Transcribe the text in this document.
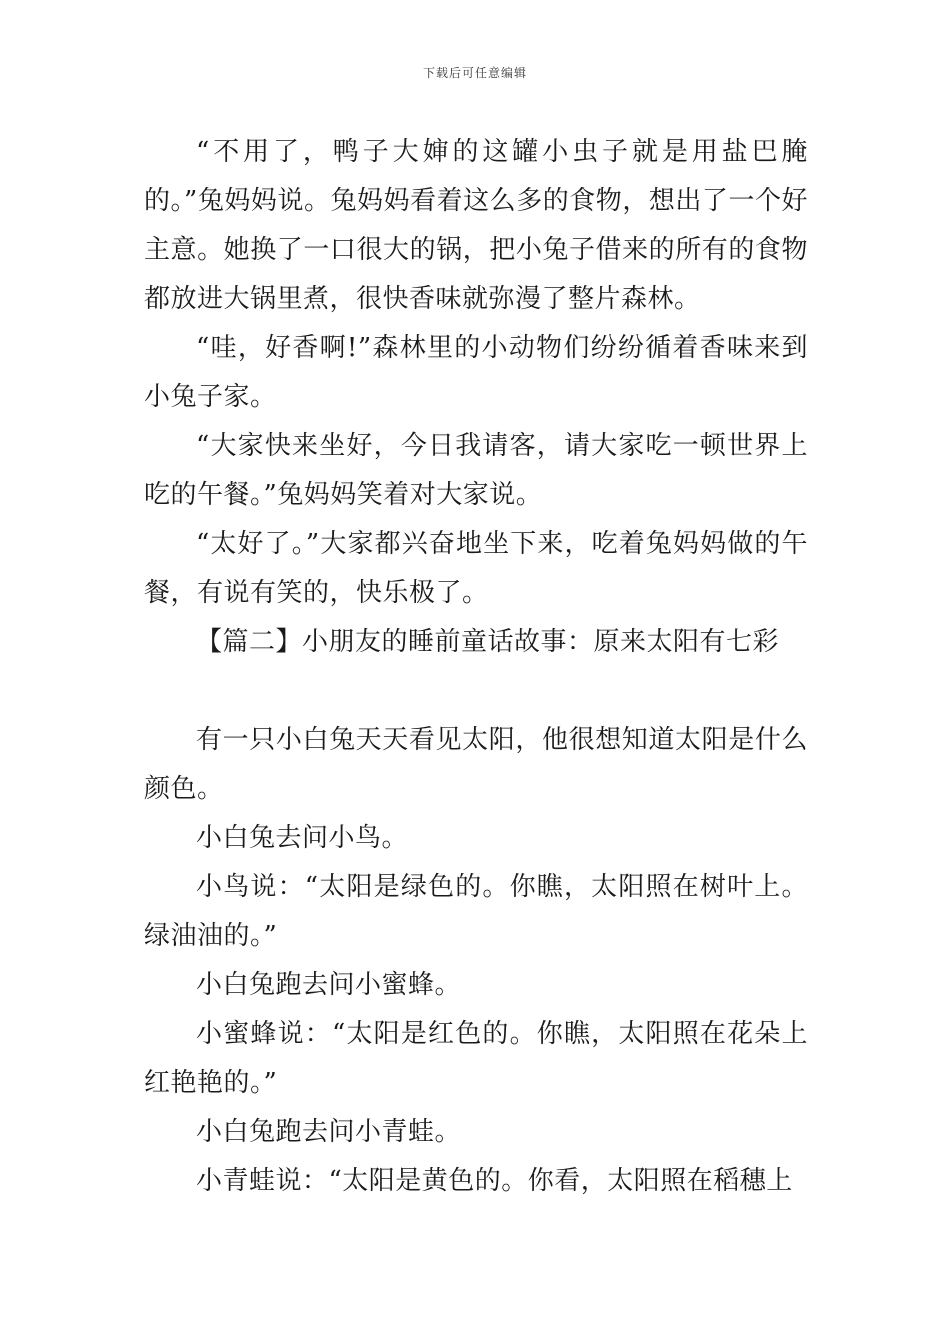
下载后可任意编辑

“不用了，鸭子大婶的这罐小虫子就是用盐巴腌的。”兔妈妈说。兔妈妈看着这么多的食物，想出了一个好主意。她换了一口很大的锅，把小兔子借来的所有的食物都放进大锅里煮，很快香味就弥漫了整片森林。

“哇，好香啊!”森林里的小动物们纷纷循着香味来到小兔子家。

“大家快来坐好，今日我请客，请大家吃一顿世界上吃的午餐。”兔妈妈笑着对大家说。

“太好了。”大家都兴奋地坐下来，吃着兔妈妈做的午餐，有说有笑的，快乐极了。

【篇二】小朋友的睡前童话故事：原来太阳有七彩

有一只小白兔天天看见太阳，他很想知道太阳是什么颜色。

小白兔去问小鸟。

小鸟说：“太阳是绿色的。你瞧，太阳照在树叶上。绿油油的。”

小白兔跑去问小蜜蜂。

小蜜蜂说：“太阳是红色的。你瞧，太阳照在花朵上红艳艳的。”

小白兔跑去问小青蛙。

小青蛙说：“太阳是黄色的。你看，太阳照在稻穗上
